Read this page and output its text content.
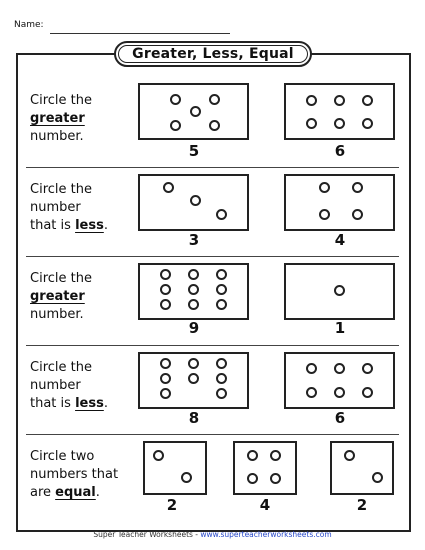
Name:
Greater, Less, Equal
Circle the
greater
number.
5	6
Circle the
number
that is less.
3	4
Circle the
greater
number.
9	1
Circle the
number
that is less.
8	6
Circle two
numbers that
are equal.
2	4	2
Super Teacher Worksheets - www.superteacherworksheets.com
